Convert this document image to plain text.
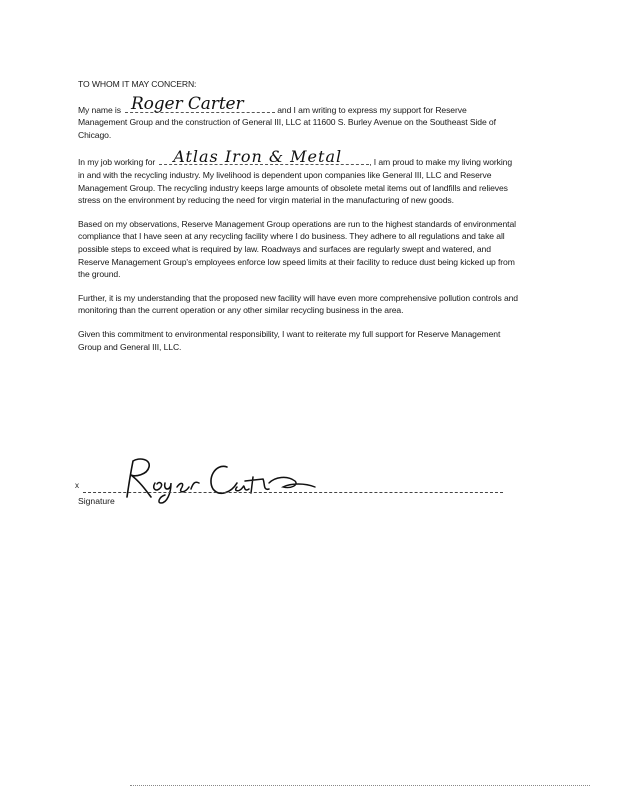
TO WHOM IT MAY CONCERN:

My name is Roger Carter	and I am writing to express my support for Reserve Management Group and the construction of General III, LLC at 11600 S. Burley Avenue on the Southeast Side of Chicago.

In my job working for Atlas Iron & Metal	, I am proud to make my living working in and with the recycling industry. My livelihood is dependent upon companies like General III, LLC and Reserve Management Group. The recycling industry keeps large amounts of obsolete metal items out of landfills and relieves stress on the environment by reducing the need for virgin material in the manufacturing of new goods.

Based on my observations, Reserve Management Group operations are run to the highest standards of environmental compliance that I have seen at any recycling facility where I do business. They adhere to all regulations and take all possible steps to exceed what is required by law. Roadways and surfaces are regularly swept and watered, and Reserve Management Group's employees enforce low speed limits at their facility to reduce dust being kicked up from the ground.

Further, it is my understanding that the proposed new facility will have even more comprehensive pollution controls and monitoring than the current operation or any other similar recycling business in the area.

Given this commitment to environmental responsibility, I want to reiterate my full support for Reserve Management Group and General III, LLC.

x
Signature
